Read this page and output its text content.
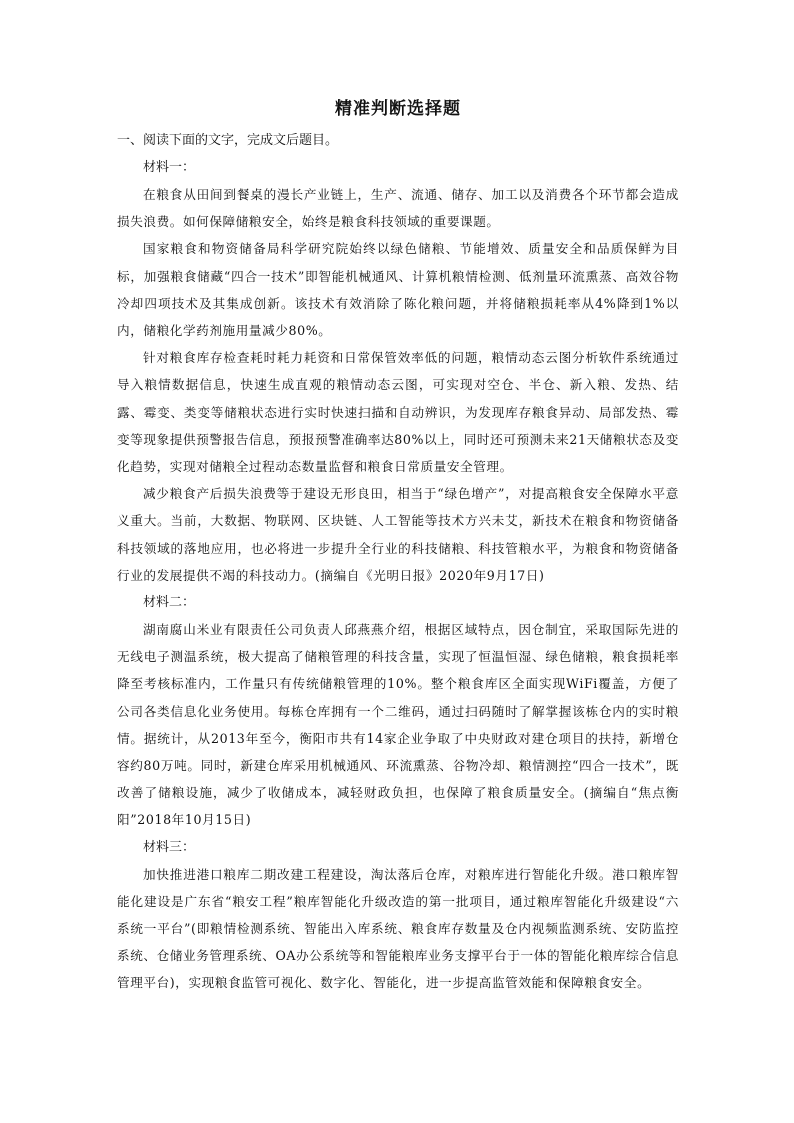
精准判断选择题

一、阅读下面的文字，完成文后题目。

材料一：

在粮食从田间到餐桌的漫长产业链上，生产、流通、储存、加工以及消费各个环节都会造成损失浪费。如何保障储粮安全，始终是粮食科技领域的重要课题。

国家粮食和物资储备局科学研究院始终以绿色储粮、节能增效、质量安全和品质保鲜为目标，加强粮食储藏“四合一技术”即智能机械通风、计算机粮情检测、低剂量环流熏蒸、高效谷物冷却四项技术及其集成创新。该技术有效消除了陈化粮问题，并将储粮损耗率从4%降到1%以内，储粮化学药剂施用量减少80%。

针对粮食库存检查耗时耗力耗资和日常保管效率低的问题，粮情动态云图分析软件系统通过导入粮情数据信息，快速生成直观的粮情动态云图，可实现对空仓、半仓、新入粮、发热、结露、霉变、类变等储粮状态进行实时快速扫描和自动辨识，为发现库存粮食异动、局部发热、霉变等现象提供预警报告信息，预报预警准确率达80%以上，同时还可预测未来21天储粮状态及变化趋势，实现对储粮全过程动态数量监督和粮食日常质量安全管理。

减少粮食产后损失浪费等于建设无形良田，相当于“绿色增产”，对提高粮食安全保障水平意义重大。当前，大数据、物联网、区块链、人工智能等技术方兴未艾，新技术在粮食和物资储备科技领域的落地应用，也必将进一步提升全行业的科技储粮、科技管粮水平，为粮食和物资储备行业的发展提供不竭的科技动力。(摘编自《光明日报》2020年9月17日)

材料二：

湖南腐山米业有限责任公司负责人邱燕燕介绍，根据区域特点，因仓制宜，采取国际先进的无线电子测温系统，极大提高了储粮管理的科技含量，实现了恒温恒湿、绿色储粮，粮食损耗率降至考核标准内，工作量只有传统储粮管理的10%。整个粮食库区全面实现WiFi覆盖，方便了公司各类信息化业务使用。每栋仓库拥有一个二维码，通过扫码随时了解掌握该栋仓内的实时粮情。据统计，从2013年至今，衡阳市共有14家企业争取了中央财政对建仓项目的扶持，新增仓容约80万吨。同时，新建仓库采用机械通风、环流熏蒸、谷物冷却、粮情测控“四合一技术”，既改善了储粮设施，减少了收储成本，减轻财政负担，也保障了粮食质量安全。(摘编自“焦点衡阳”2018年10月15日)

材料三：

加快推进港口粮库二期改建工程建设，淘汰落后仓库，对粮库进行智能化升级。港口粮库智能化建设是广东省“粮安工程”粮库智能化升级改造的第一批项目，通过粮库智能化升级建设“六系统一平台”(即粮情检测系统、智能出入库系统、粮食库存数量及仓内视频监测系统、安防监控系统、仓储业务管理系统、OA办公系统等和智能粮库业务支撑平台于一体的智能化粮库综合信息管理平台)，实现粮食监管可视化、数字化、智能化，进一步提高监管效能和保障粮食安全。
